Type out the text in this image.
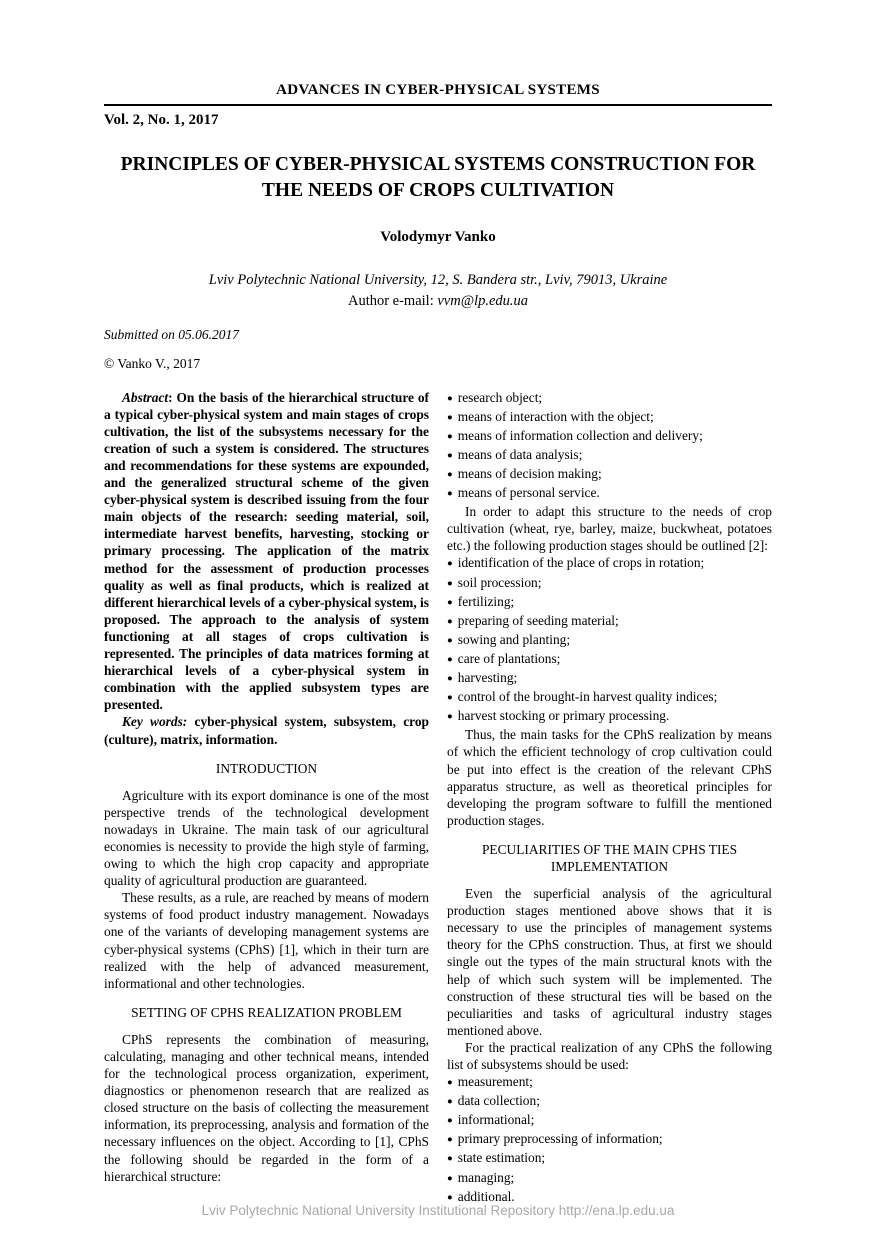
ADVANCES IN CYBER-PHYSICAL SYSTEMS
Vol. 2, No. 1, 2017
PRINCIPLES OF CYBER-PHYSICAL SYSTEMS CONSTRUCTION FOR THE NEEDS OF CROPS CULTIVATION
Volodymyr Vanko
Lviv Polytechnic National University, 12, S. Bandera str., Lviv, 79013, Ukraine
Author e-mail: vvm@lp.edu.ua
Submitted on 05.06.2017
© Vanko V., 2017

Abstract: On the basis of the hierarchical structure of a typical cyber-physical system and main stages of crops cultivation, the list of the subsystems necessary for the creation of such a system is considered. The structures and recommendations for these systems are expounded, and the generalized structural scheme of the given cyber-physical system is described issuing from the four main objects of the research: seeding material, soil, intermediate harvest benefits, harvesting, stocking or primary processing. The application of the matrix method for the assessment of production processes quality as well as final products, which is realized at different hierarchical levels of a cyber-physical system, is proposed. The approach to the analysis of system functioning at all stages of crops cultivation is represented. The principles of data matrices forming at hierarchical levels of a cyber-physical system in combination with the applied subsystem types are presented.

Key words: cyber-physical system, subsystem, crop (culture), matrix, information.

INTRODUCTION

Agriculture with its export dominance is one of the most perspective trends of the technological development nowadays in Ukraine. The main task of our agricultural economies is necessity to provide the high style of farming, owing to which the high crop capacity and appropriate quality of agricultural production are guaranteed.

These results, as a rule, are reached by means of modern systems of food product industry management. Nowadays one of the variants of developing management systems are cyber-physical systems (CPhS) [1], which in their turn are realized with the help of advanced measurement, informational and other technologies.

SETTING OF CPHS REALIZATION PROBLEM

CPhS represents the combination of measuring, calculating, managing and other technical means, intended for the technological process organization, experiment, diagnostics or phenomenon research that are realized as closed structure on the basis of collecting the measurement information, its preprocessing, analysis and formation of the necessary influences on the object. According to [1], CPhS the following should be regarded in the form of a hierarchical structure:

● research object;
● means of interaction with the object;
● means of information collection and delivery;
● means of data analysis;
● means of decision making;
● means of personal service.

In order to adapt this structure to the needs of crop cultivation (wheat, rye, barley, maize, buckwheat, potatoes etc.) the following production stages should be outlined [2]:

● identification of the place of crops in rotation;
● soil procession;
● fertilizing;
● preparing of seeding material;
● sowing and planting;
● care of plantations;
● harvesting;
● control of the brought-in harvest quality indices;
● harvest stocking or primary processing.

Thus, the main tasks for the CPhS realization by means of which the efficient technology of crop cultivation could be put into effect is the creation of the relevant CPhS apparatus structure, as well as theoretical principles for developing the program software to fulfill the mentioned production stages.

PECULIARITIES OF THE MAIN CPHS TIES IMPLEMENTATION

Even the superficial analysis of the agricultural production stages mentioned above shows that it is necessary to use the principles of management systems theory for the CPhS construction. Thus, at first we should single out the types of the main structural knots with the help of which such system will be implemented. The construction of these structural ties will be based on the peculiarities and tasks of agricultural industry stages mentioned above.

For the practical realization of any CPhS the following list of subsystems should be used:

● measurement;
● data collection;
● informational;
● primary preprocessing of information;
● state estimation;
● managing;
● additional.
Lviv Polytechnic National University Institutional Repository http://ena.lp.edu.ua
